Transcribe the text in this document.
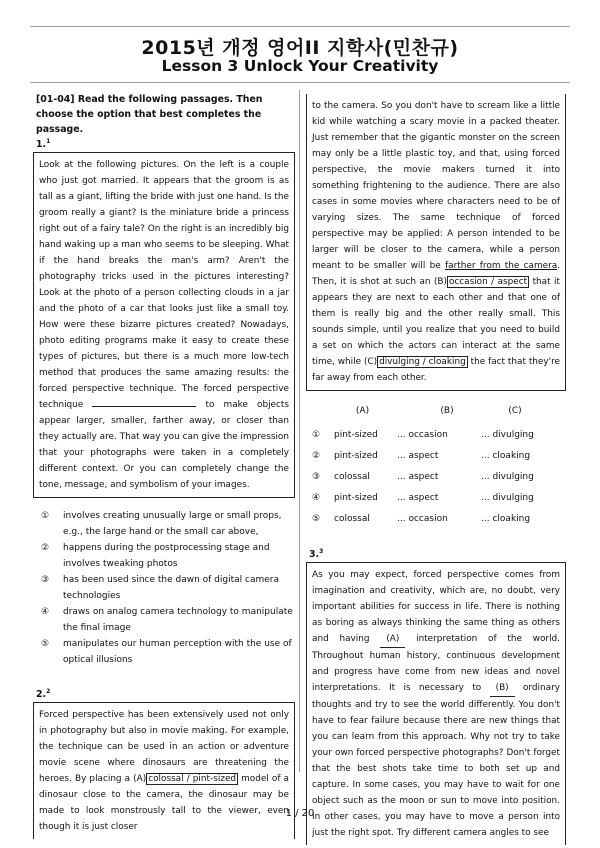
2015년 개정 영어II 지학사(민찬규)
Lesson 3 Unlock Your Creativity
[01-04] Read the following passages. Then choose the option that best completes the passage.
1.$^1$

Look at the following pictures. On the left is a couple who just got married. It appears that the groom is as tall as a giant, lifting the bride with just one hand. Is the groom really a giant? Is the miniature bride a princess right out of a fairy tale? On the right is an incredibly big hand waking up a man who seems to be sleeping. What if the hand breaks the man's arm? Aren't the photography tricks used in the pictures interesting? Look at the photo of a person collecting clouds in a jar and the photo of a car that looks just like a small toy. How were these bizarre pictures created? Nowadays, photo editing programs make it easy to create these types of pictures, but there is a much more low-tech method that produces the same amazing results: the forced perspective technique. The forced perspective technique	to make objects appear larger, smaller, farther away, or closer than they actually are. That way you can give the impression that your photographs were taken in a completely different context. Or you can completely change the tone, message, and symbolism of your images.

①	involves creating unusually large or small props, e.g., the large hand or the small car above,
②	happens during the postprocessing stage and involves tweaking photos
③	has been used since the dawn of digital camera technologies
④	draws on analog camera technology to manipulate the final image
⑤	manipulates our human perception with the use of optical illusions
2.$^2$

Forced perspective has been extensively used not only in photography but also in movie making. For example, the technique can be used in an action or adventure movie scene where dinosaurs are threatening the heroes. By placing a (A) colossal / pint-sized model of a dinosaur close to the camera, the dinosaur may be made to look monstrously tall to the viewer, even though it is just closer

to the camera. So you don't have to scream like a little kid while watching a scary movie in a packed theater. Just remember that the gigantic monster on the screen may only be a little plastic toy, and that, using forced perspective, the movie makers turned it into something frightening to the audience. There are also cases in some movies where characters need to be of varying sizes. The same technique of forced perspective may be applied: A person intended to be larger will be closer to the camera, while a person meant to be smaller will be farther from the camera. Then, it is shot at such an (B) occasion / aspect that it appears they are next to each other and that one of them is really big and the other really small. This sounds simple, until you realize that you need to build a set on which the actors can interact at the same time, while (C) divulging / cloaking the fact that they're far away from each other.

(A)	(B)	(C)
①	pint-sized	... occasion	... divulging
②	pint-sized	... aspect	... cloaking
③	colossal	... aspect	... divulging
④	pint-sized	... aspect	... divulging
⑤	colossal	... occasion	... cloaking
3.$^3$

As you may expect, forced perspective comes from imagination and creativity, which are, no doubt, very important abilities for success in life. There is nothing as boring as always thinking the same thing as others and having (A) interpretation of the world. Throughout human history, continuous development and progress have come from new ideas and novel interpretations. It is necessary to (B) ordinary thoughts and try to see the world differently. You don't have to fear failure because there are new things that you can learn from this approach. Why not try to take your own forced perspective photographs? Don't forget that the best shots take time to both set up and capture. In some cases, you may have to wait for one object such as the moon or sun to move into position. In other cases, you may have to move a person into just the right spot. Try different camera angles to see

1 / 20
